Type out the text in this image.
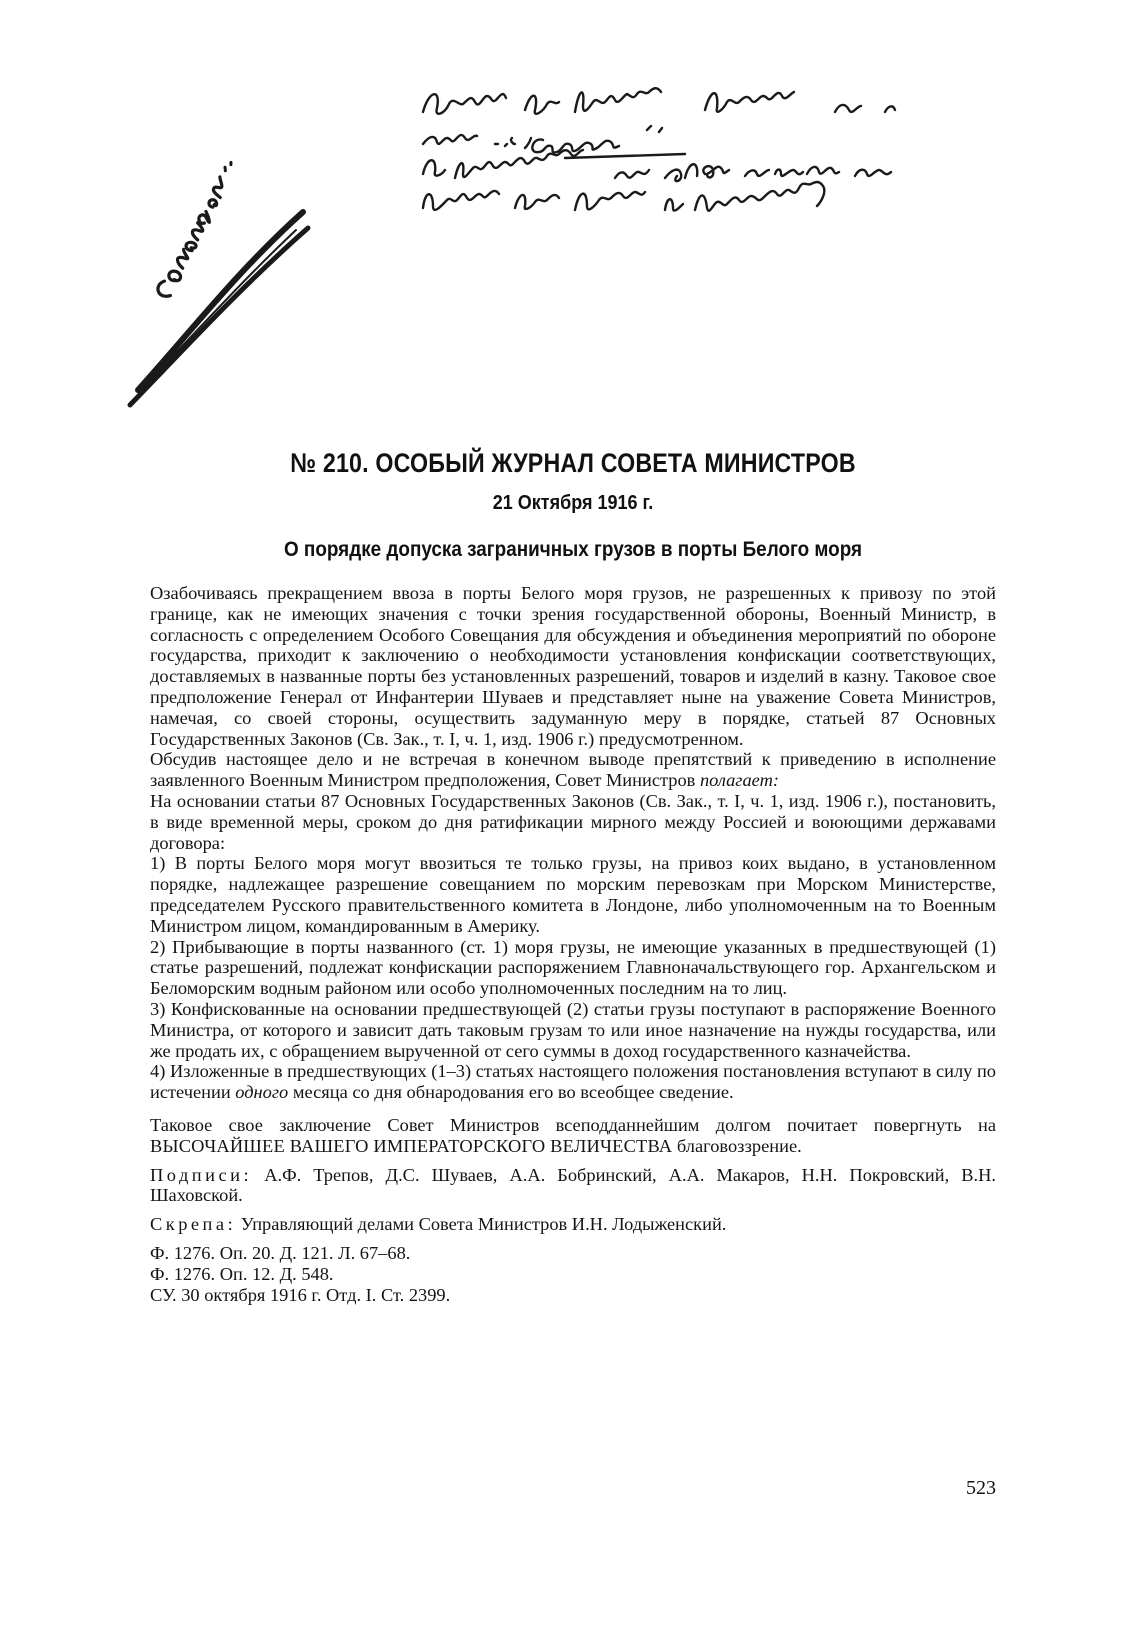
№ 210. ОСОБЫЙ ЖУРНАЛ СОВЕТА МИНИСТРОВ
21 Октября 1916 г.
О порядке допуска заграничных грузов в порты Белого моря

Озабочиваясь прекращением ввоза в порты Белого моря грузов, не разрешенных к привозу по этой границе, как не имеющих значения с точки зрения государственной обороны, Военный Министр, в согласность с определением Особого Совещания для обсуждения и объединения мероприятий по обороне государства, приходит к заключению о необходимости установления конфискации соответствующих, доставляемых в названные порты без установленных разрешений, товаров и изделий в казну. Таковое свое предположение Генерал от Инфантерии Шуваев и представляет ныне на уважение Совета Министров, намечая, со своей стороны, осуществить задуманную меру в порядке, статьей 87 Основных Государственных Законов (Св. Зак., т. I, ч. 1, изд. 1906 г.) предусмотренном.

Обсудив настоящее дело и не встречая в конечном выводе препятствий к приведению в исполнение заявленного Военным Министром предположения, Совет Министров полагает:

На основании статьи 87 Основных Государственных Законов (Св. Зак., т. I, ч. 1, изд. 1906 г.), постановить, в виде временной меры, сроком до дня ратификации мирного между Россией и воюющими державами договора:

1) В порты Белого моря могут ввозиться те только грузы, на привоз коих выдано, в установленном порядке, надлежащее разрешение совещанием по морским перевозкам при Морском Министерстве, председателем Русского правительственного комитета в Лондоне, либо уполномоченным на то Военным Министром лицом, командированным в Америку.

2) Прибывающие в порты названного (ст. 1) моря грузы, не имеющие указанных в предшествующей (1) статье разрешений, подлежат конфискации распоряжением Главноначальствующего гор. Архангельском и Беломорским водным районом или особо уполномоченных последним на то лиц.

3) Конфискованные на основании предшествующей (2) статьи грузы поступают в распоряжение Военного Министра, от которого и зависит дать таковым грузам то или иное назначение на нужды государства, или же продать их, с обращением вырученной от сего суммы в доход государственного казначейства.

4) Изложенные в предшествующих (1–3) статьях настоящего положения постановления вступают в силу по истечении одного месяца со дня обнародования его во всеобщее сведение.

Таковое свое заключение Совет Министров всеподданнейшим долгом почитает повергнуть на ВЫСОЧАЙШЕЕ ВАШЕГО ИМПЕРАТОРСКОГО ВЕЛИЧЕСТВА благовоззрение.

Подписи: А.Ф. Трепов, Д.С. Шуваев, А.А. Бобринский, А.А. Макаров, Н.Н. Покровский, В.Н. Шаховской.

Скрепа: Управляющий делами Совета Министров И.Н. Лодыженский.

Ф. 1276. Оп. 20. Д. 121. Л. 67–68.

Ф. 1276. Оп. 12. Д. 548.

СУ. 30 октября 1916 г. Отд. I. Ст. 2399.

523
